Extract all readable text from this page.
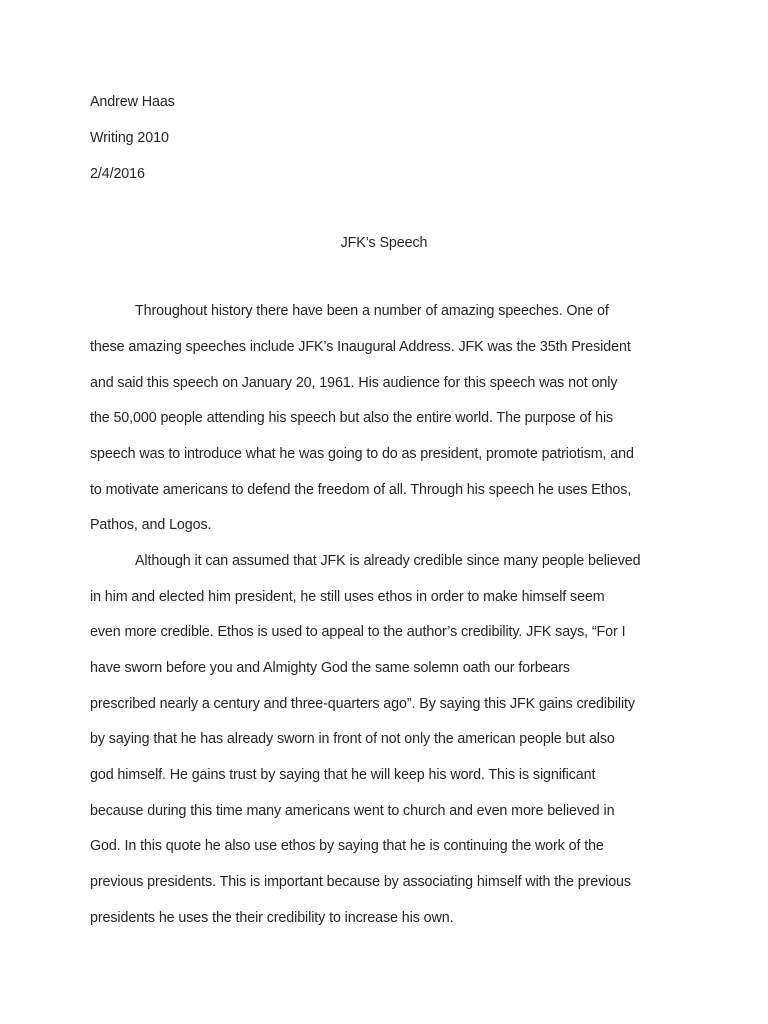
Andrew Haas
Writing 2010
2/4/2016
JFK’s Speech
Throughout history there have been a number of amazing speeches. One of
these amazing speeches include JFK’s Inaugural Address. JFK was the 35th President
and said this speech on January 20, 1961. His audience for this speech was not only
the 50,000 people attending his speech but also the entire world. The purpose of his
speech was to introduce what he was going to do as president, promote patriotism, and
to motivate americans to defend the freedom of all. Through his speech he uses Ethos,
Pathos, and Logos.
Although it can assumed that JFK is already credible since many people believed
in him and elected him president, he still uses ethos in order to make himself seem
even more credible. Ethos is used to appeal to the author’s credibility. JFK says, “For I
have sworn before you and Almighty God the same solemn oath our forbears
prescribed nearly a century and three-quarters ago”. By saying this JFK gains credibility
by saying that he has already sworn in front of not only the american people but also
god himself. He gains trust by saying that he will keep his word. This is significant
because during this time many americans went to church and even more believed in
God. In this quote he also use ethos by saying that he is continuing the work of the
previous presidents. This is important because by associating himself with the previous
presidents he uses the their credibility to increase his own.
